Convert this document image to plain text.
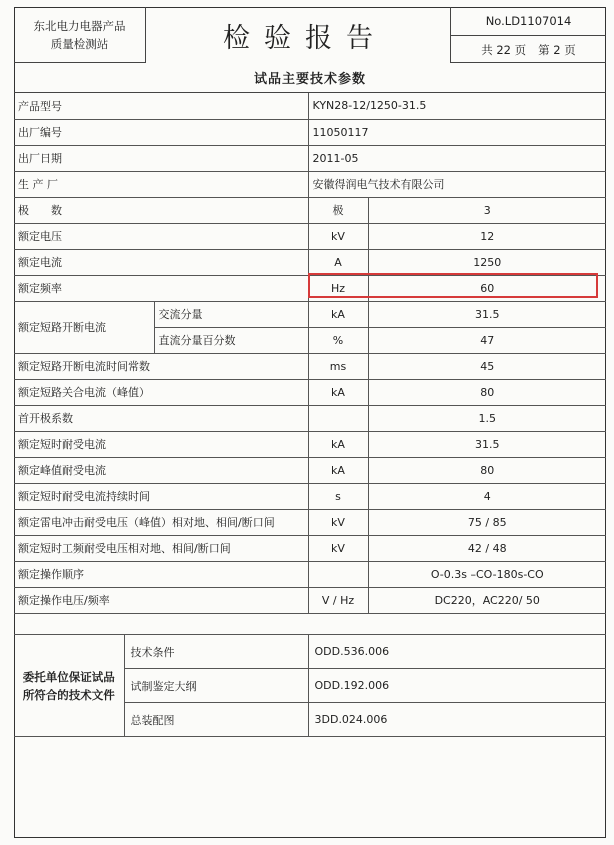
东北电力电器产品
质量检测站	检验报告
No.LD1107014
共 22 页 第 2 页
试品主要技术参数
产品型号		KYN28-12/1250-31.5	
出厂编号		11050117	
出厂日期		2011-05	
生 产 厂		安徽得润电气技术有限公司	
极　　数		极	3
额定电压		kV	12
额定电流		A	1250
额定频率		Hz	60
额定短路开断电流	交流分量	kA	31.5
	直流分量百分数	%	47
额定短路开断电流时间常数		ms	45
额定短路关合电流（峰值）		kA	80
首开极系数			1.5
额定短时耐受电流		kA	31.5
额定峰值耐受电流		kA	80
额定短时耐受电流持续时间		s	4
额定雷电冲击耐受电压（峰值）相对地、相间/断口间		kV	75 / 85
额定短时工频耐受电压相对地、相间/断口间		kV	42 / 48
额定操作顺序			O-0.3s –CO-180s-CO
额定操作电压/频率		V / Hz	DC220，AC220/ 50
委托单位保证试品
所符合的技术文件	技术条件	ODD.536.006
	试制鉴定大纲	ODD.192.006
	总装配图	3DD.024.006
